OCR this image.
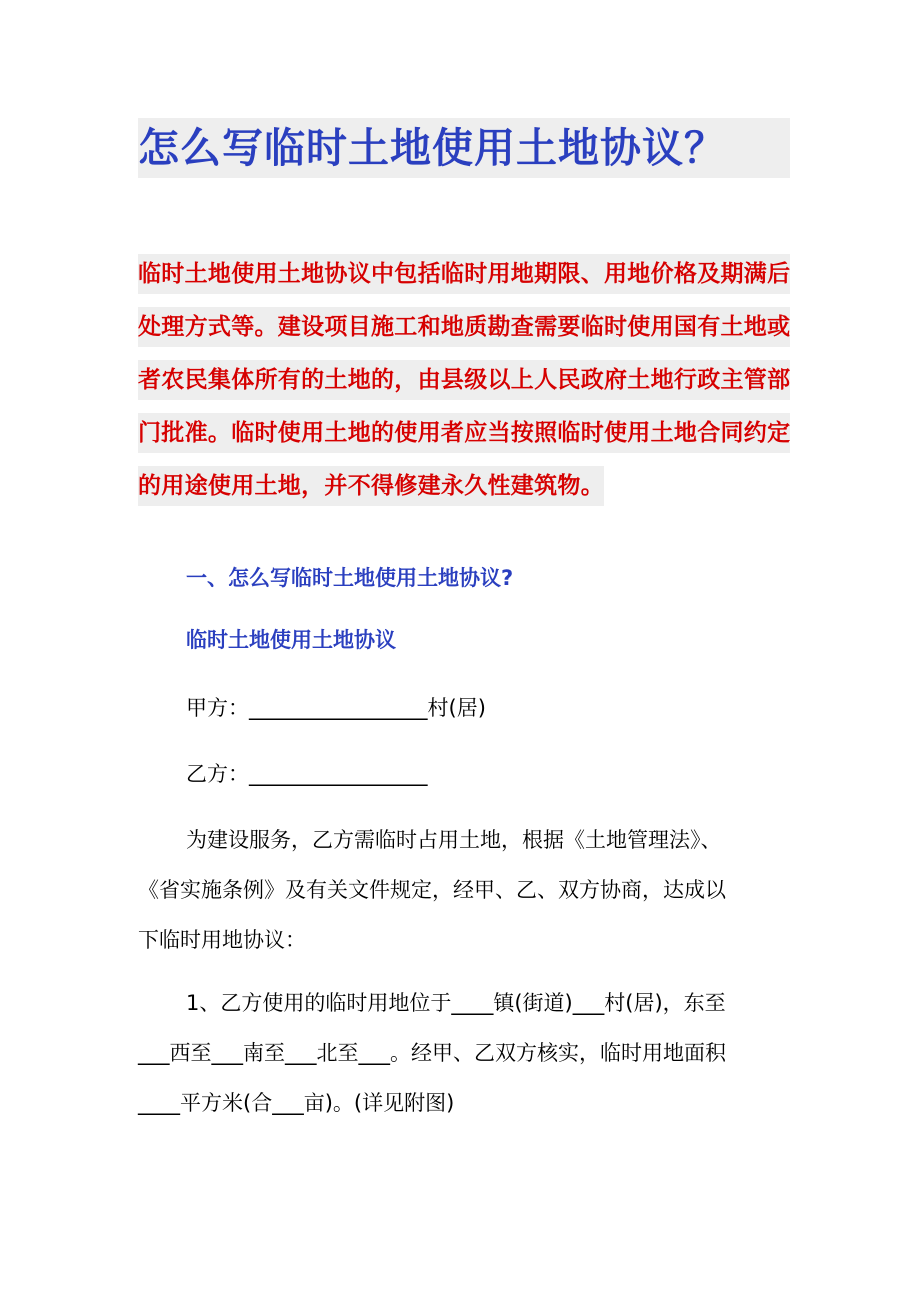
怎么写临时土地使用土地协议？
临时土地使用土地协议中包括临时用地期限、用地价格及期满后
处理方式等。建设项目施工和地质勘查需要临时使用国有土地或
者农民集体所有的土地的，由县级以上人民政府土地行政主管部
门批准。临时使用土地的使用者应当按照临时使用土地合同约定
的用途使用土地，并不得修建永久性建筑物。
一、怎么写临时土地使用土地协议?
临时土地使用土地协议
甲方：_________________村(居)
乙方：_________________
为建设服务，乙方需临时占用土地，根据《土地管理法》、
《省实施条例》及有关文件规定，经甲、乙、双方协商，达成以
下临时用地协议：
1、乙方使用的临时用地位于____镇(街道)___村(居)，东至
___西至___南至___北至___。经甲、乙双方核实，临时用地面积
____平方米(合___亩)。(详见附图)
